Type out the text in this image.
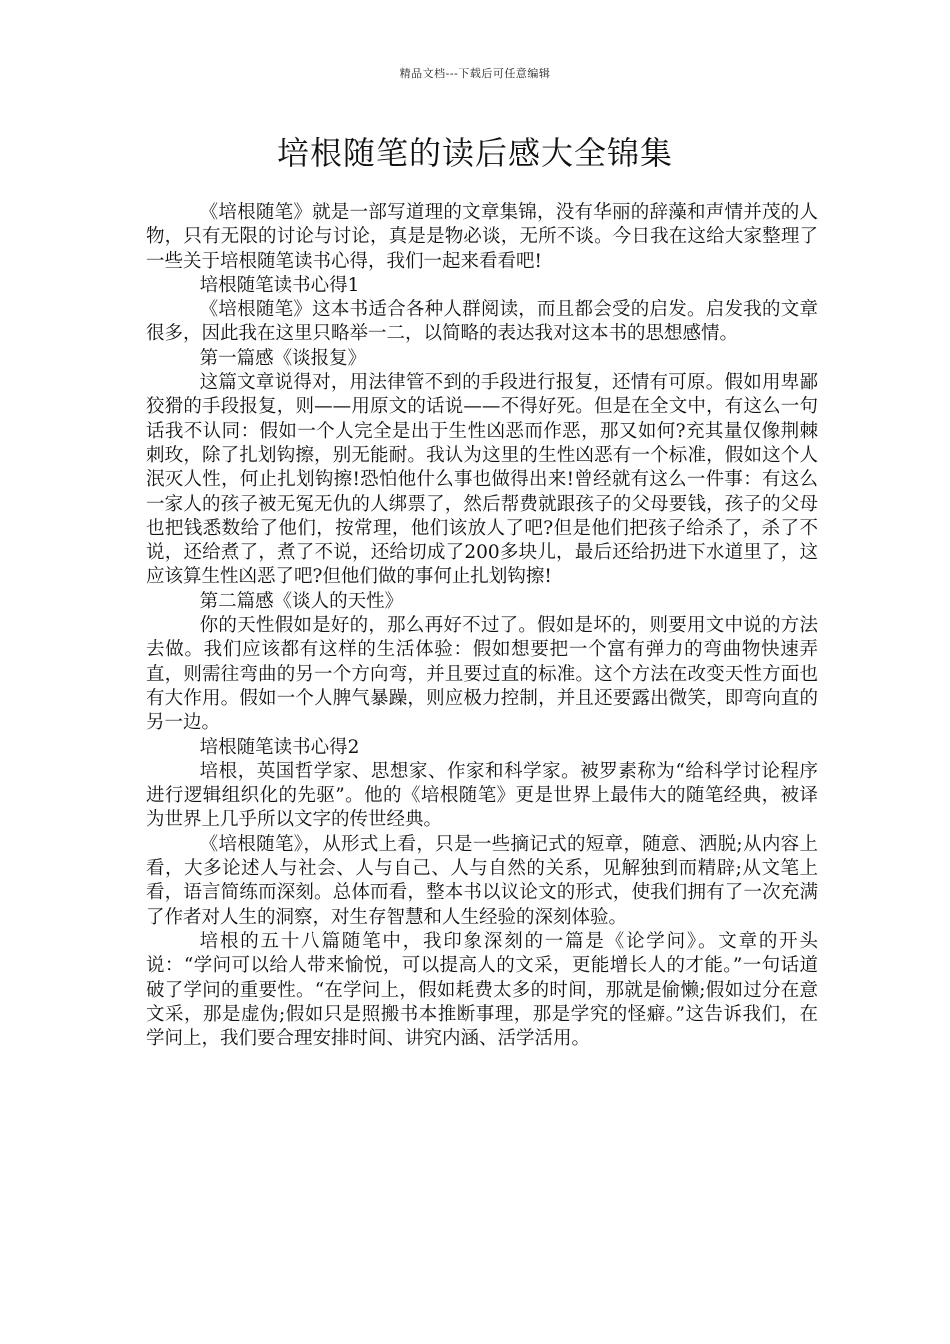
精品文档---下载后可任意编辑
培根随笔的读后感大全锦集

《培根随笔》就是一部写道理的文章集锦，没有华丽的辞藻和声情并茂的人物，只有无限的讨论与讨论，真是是物必谈，无所不谈。今日我在这给大家整理了一些关于培根随笔读书心得，我们一起来看看吧!

培根随笔读书心得1

《培根随笔》这本书适合各种人群阅读，而且都会受的启发。启发我的文章很多，因此我在这里只略举一二，以简略的表达我对这本书的思想感情。

第一篇感《谈报复》

这篇文章说得对，用法律管不到的手段进行报复，还情有可原。假如用卑鄙狡猾的手段报复，则——用原文的话说——不得好死。但是在全文中，有这么一句话我不认同：假如一个人完全是出于生性凶恶而作恶，那又如何?充其量仅像荆棘刺玫，除了扎划钩擦，别无能耐。我认为这里的生性凶恶有一个标准，假如这个人泯灭人性，何止扎划钩擦!恐怕他什么事也做得出来!曾经就有这么一件事：有这么一家人的孩子被无冤无仇的人绑票了，然后帮费就跟孩子的父母要钱，孩子的父母也把钱悉数给了他们，按常理，他们该放人了吧?但是他们把孩子给杀了，杀了不说，还给煮了，煮了不说，还给切成了200多块儿，最后还给扔进下水道里了，这应该算生性凶恶了吧?但他们做的事何止扎划钩擦!

第二篇感《谈人的天性》

你的天性假如是好的，那么再好不过了。假如是坏的，则要用文中说的方法去做。我们应该都有这样的生活体验：假如想要把一个富有弹力的弯曲物快速弄直，则需往弯曲的另一个方向弯，并且要过直的标准。这个方法在改变天性方面也有大作用。假如一个人脾气暴躁，则应极力控制，并且还要露出微笑，即弯向直的另一边。

培根随笔读书心得2

培根，英国哲学家、思想家、作家和科学家。被罗素称为“给科学讨论程序进行逻辑组织化的先驱”。他的《培根随笔》更是世界上最伟大的随笔经典，被译为世界上几乎所以文字的传世经典。

《培根随笔》，从形式上看，只是一些摘记式的短章，随意、洒脱;从内容上看，大多论述人与社会、人与自己、人与自然的关系，见解独到而精辟;从文笔上看，语言简练而深刻。总体而看，整本书以议论文的形式，使我们拥有了一次充满了作者对人生的洞察，对生存智慧和人生经验的深刻体验。

培根的五十八篇随笔中，我印象深刻的一篇是《论学问》。文章的开头说：“学问可以给人带来愉悦，可以提高人的文采，更能增长人的才能。”一句话道破了学问的重要性。“在学问上，假如耗费太多的时间，那就是偷懒;假如过分在意文采，那是虚伪;假如只是照搬书本推断事理，那是学究的怪癖。”这告诉我们，在学问上，我们要合理安排时间、讲究内涵、活学活用。
